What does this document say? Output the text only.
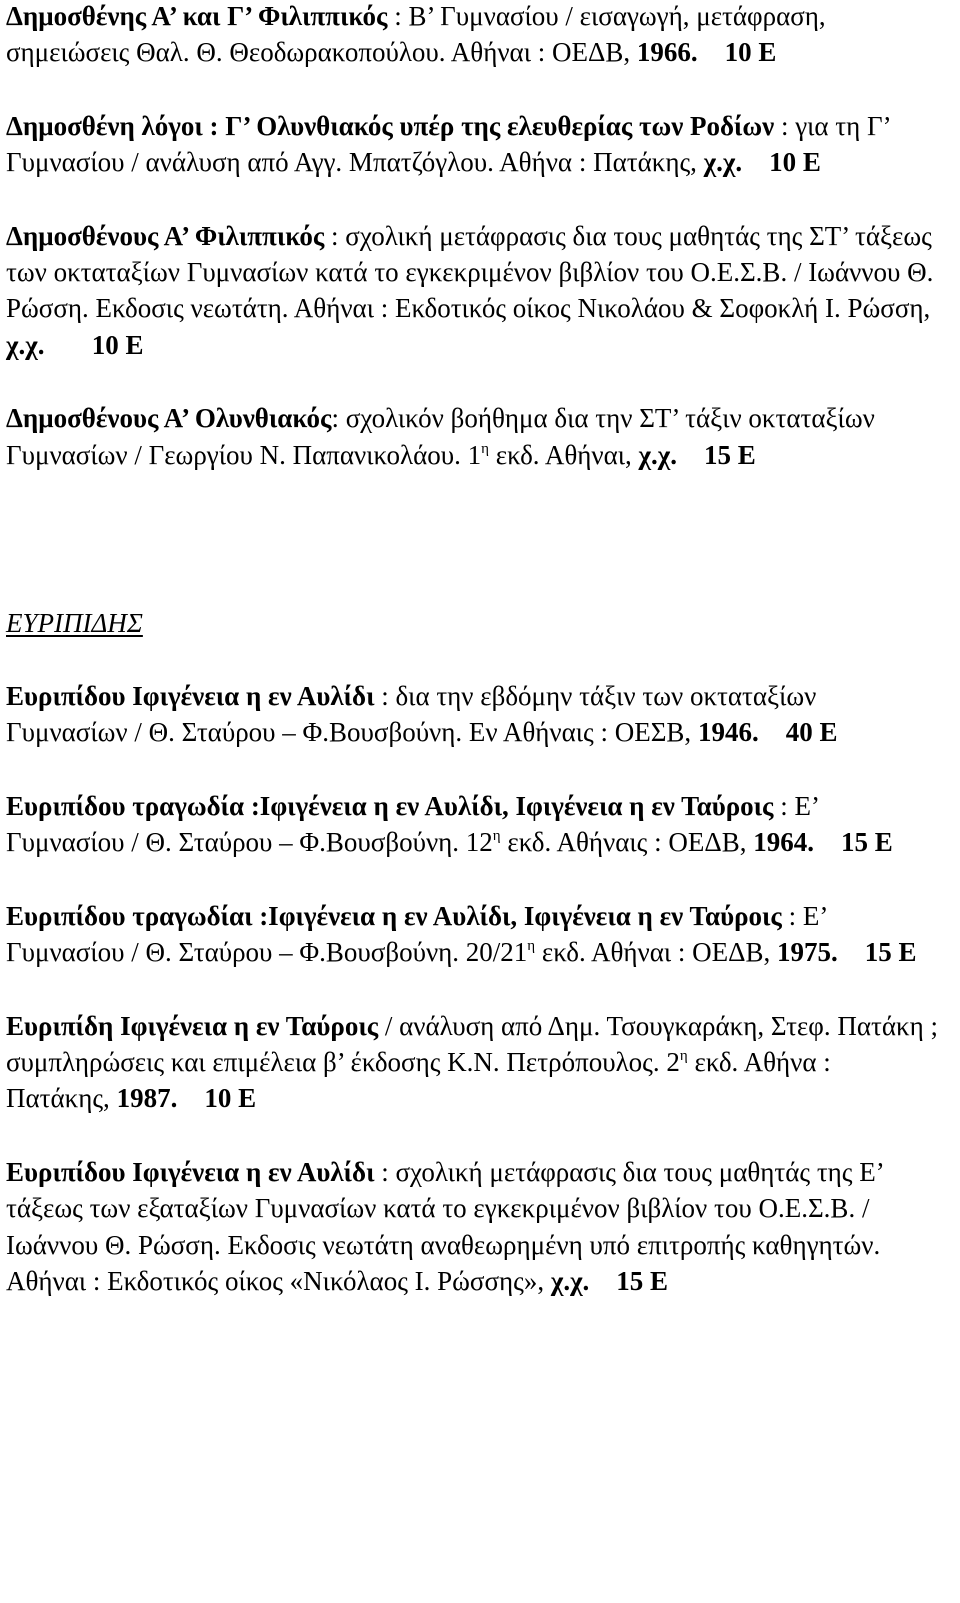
Δημοσθένης Α’ και Γ’ Φιλιππικός : Β’ Γυμνασίου / εισαγωγή, μετάφραση, σημειώσεις Θαλ. Θ. Θεοδωρακοπούλου. Αθήναι : ΟΕΔΒ, 1966. 10 E

Δημοσθένη λόγοι : Γ’ Ολυνθιακός υπέρ της ελευθερίας των Ροδίων : για τη Γ’ Γυμνασίου / ανάλυση από Αγγ. Μπατζόγλου. Αθήνα : Πατάκης, χ.χ. 10 E

Δημοσθένους Α’ Φιλιππικός : σχολική μετάφρασις δια τους μαθητάς της ΣΤ’ τάξεως των οκταταξίων Γυμνασίων κατά το εγκεκριμένον βιβλίον του Ο.Ε.Σ.Β. / Ιωάννου Θ. Ρώσση. Εκδοσις νεωτάτη. Αθήναι : Εκδοτικός οίκος Νικολάου & Σοφοκλή Ι. Ρώσση, χ.χ. 10 E

Δημοσθένους Α’ Ολυνθιακός: σχολικόν βοήθημα δια την ΣΤ’ τάξιν οκταταξίων Γυμνασίων / Γεωργίου Ν. Παπανικολάου. $1^\eta$ εκδ. Αθήναι, χ.χ. 15 E

ΕΥΡΙΠΙΔΗΣ

Ευριπίδου Ιφιγένεια η εν Αυλίδι : δια την εβδόμην τάξιν των οκταταξίων Γυμνασίων / Θ. Σταύρου – Φ.Βουσβούνη. Εν Αθήναις : ΟΕΣΒ, 1946. 40 E

Ευριπίδου τραγωδία :Ιφιγένεια η εν Αυλίδι, Ιφιγένεια η εν Ταύροις : Ε’ Γυμνασίου / Θ. Σταύρου – Φ.Βουσβούνη. $12^\eta$ εκδ. Αθήναις : ΟΕΔΒ, 1964. 15 E

Ευριπίδου τραγωδίαι :Ιφιγένεια η εν Αυλίδι, Ιφιγένεια η εν Ταύροις : Ε’ Γυμνασίου / Θ. Σταύρου – Φ.Βουσβούνη. $20/21^\eta$ εκδ. Αθήναι : ΟΕΔΒ, 1975. 15 E

Ευριπίδη Ιφιγένεια η εν Ταύροις / ανάλυση από Δημ. Τσουγκαράκη, Στεφ. Πατάκη ; συμπληρώσεις και επιμέλεια β’ έκδοσης Κ.Ν. Πετρόπουλος. $2^\eta$ εκδ. Αθήνα : Πατάκης, 1987. 10 E

Ευριπίδου Ιφιγένεια η εν Αυλίδι : σχολική μετάφρασις δια τους μαθητάς της Ε’ τάξεως των εξαταξίων Γυμνασίων κατά το εγκεκριμένον βιβλίον του Ο.Ε.Σ.Β. / Ιωάννου Θ. Ρώσση. Εκδοσις νεωτάτη αναθεωρημένη υπό επιτροπής καθηγητών. Αθήναι : Εκδοτικός οίκος «Νικόλαος Ι. Ρώσσης», χ.χ. 15 E
